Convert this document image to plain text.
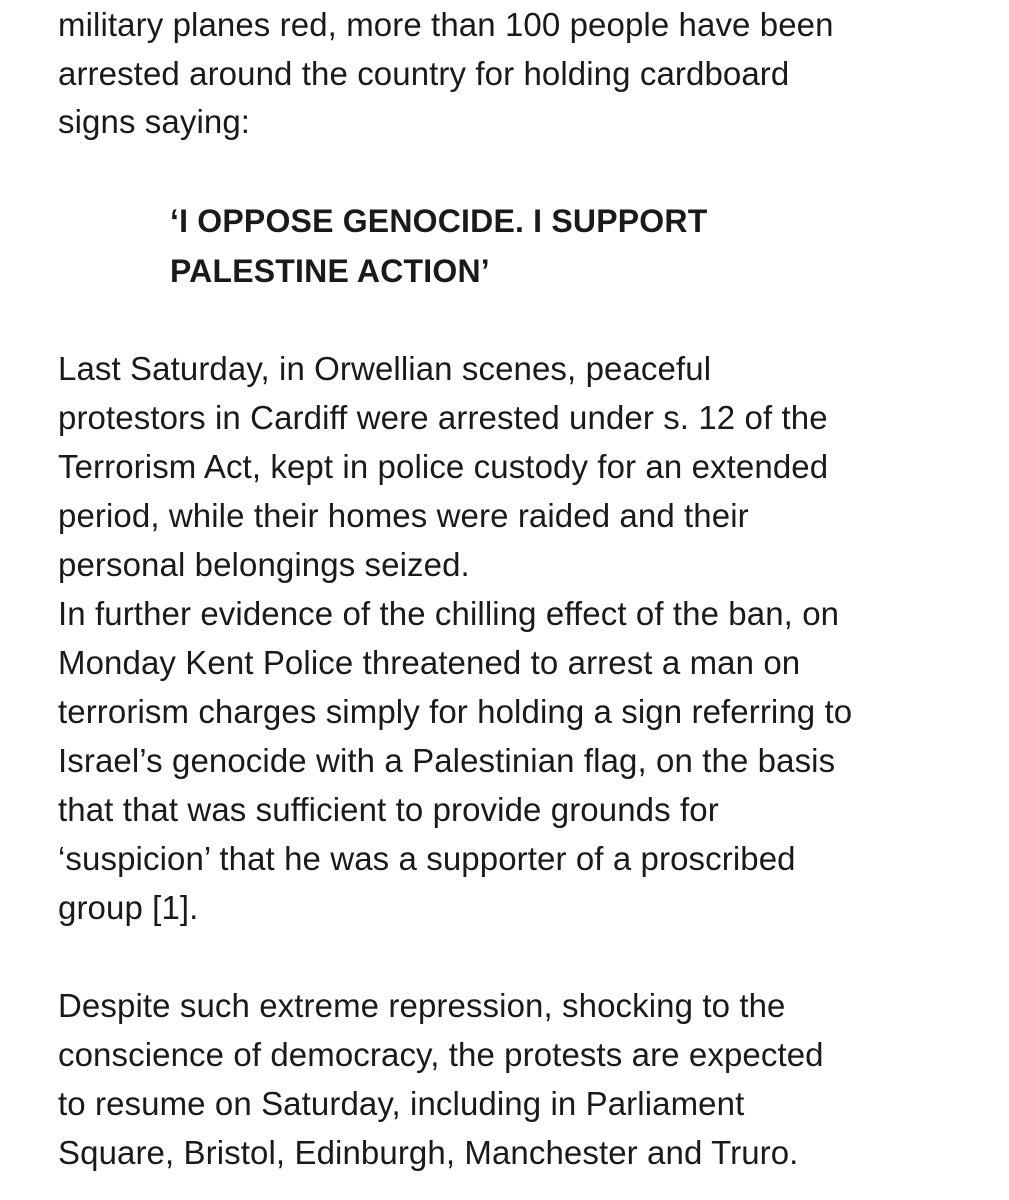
military planes red, more than 100 people have been
arrested around the country for holding cardboard
signs saying:
‘I OPPOSE GENOCIDE. I SUPPORT
PALESTINE ACTION’
Last Saturday, in Orwellian scenes, peaceful
protestors in Cardiff were arrested under s. 12 of the
Terrorism Act, kept in police custody for an extended
period, while their homes were raided and their
personal belongings seized.
In further evidence of the chilling effect of the ban, on
Monday Kent Police threatened to arrest a man on
terrorism charges simply for holding a sign referring to
Israel’s genocide with a Palestinian flag, on the basis
that that was sufficient to provide grounds for
‘suspicion’ that he was a supporter of a proscribed
group [1].
Despite such extreme repression, shocking to the
conscience of democracy, the protests are expected
to resume on Saturday, including in Parliament
Square, Bristol, Edinburgh, Manchester and Truro.
